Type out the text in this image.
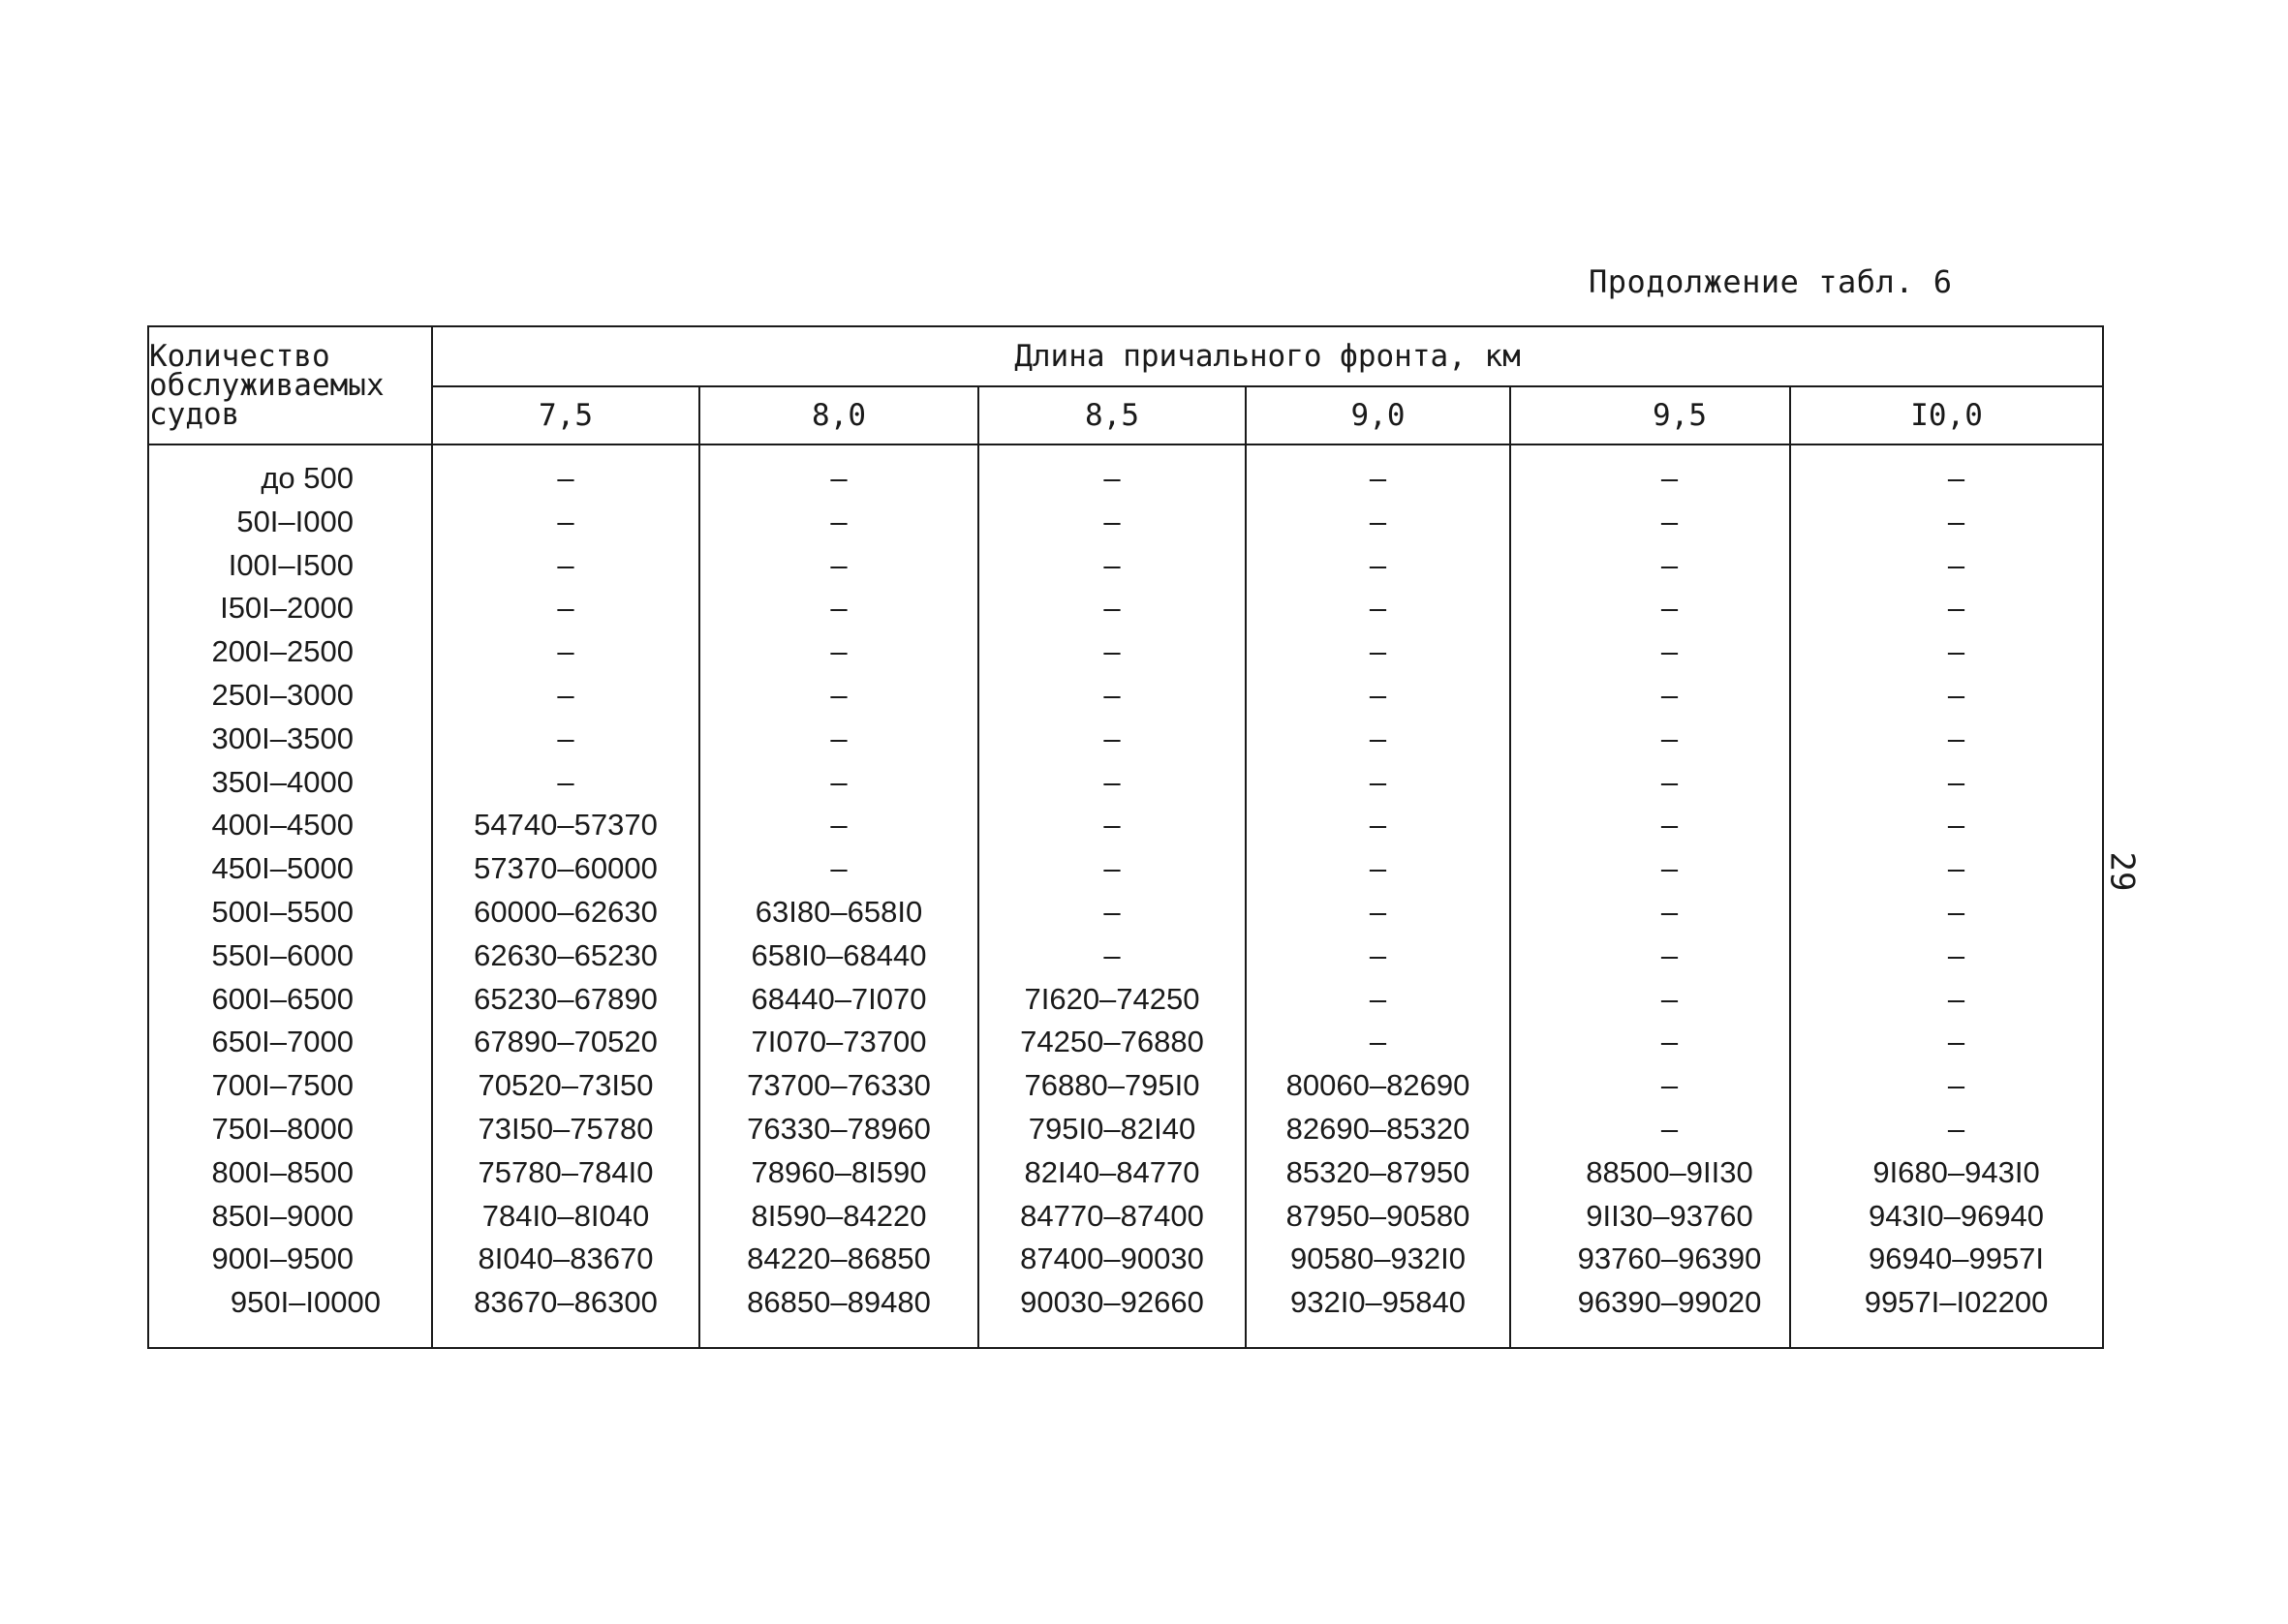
Продолжение табл. 6
29
Количество
обслуживаемых
судов	Длина причального фронта, км					
	7,5	8,0	8,5	9,0	9,5	I0,0
до 500	–	–	–	–	–	–
50I–I000	–	–	–	–	–	–
I00I–I500	–	–	–	–	–	–
I50I–2000	–	–	–	–	–	–
200I–2500	–	–	–	–	–	–
250I–3000	–	–	–	–	–	–
300I–3500	–	–	–	–	–	–
350I–4000	–	–	–	–	–	–
400I–4500	54740–57370	–	–	–	–	–
450I–5000	57370–60000	–	–	–	–	–
500I–5500	60000–62630	63I80–658I0	–	–	–	–
550I–6000	62630–65230	658I0–68440	–	–	–	–
600I–6500	65230–67890	68440–7I070	7I620–74250	–	–	–
650I–7000	67890–70520	7I070–73700	74250–76880	–	–	–
700I–7500	70520–73I50	73700–76330	76880–795I0	80060–82690	–	–
750I–8000	73I50–75780	76330–78960	795I0–82I40	82690–85320	–	–
800I–8500	75780–784I0	78960–8I590	82I40–84770	85320–87950	88500–9II30	9I680–943I0
850I–9000	784I0–8I040	8I590–84220	84770–87400	87950–90580	9II30–93760	943I0–96940
900I–9500	8I040–83670	84220–86850	87400–90030	90580–932I0	93760–96390	96940–9957I
950I–I0000	83670–86300	86850–89480	90030–92660	932I0–95840	96390–99020	9957I–I02200
